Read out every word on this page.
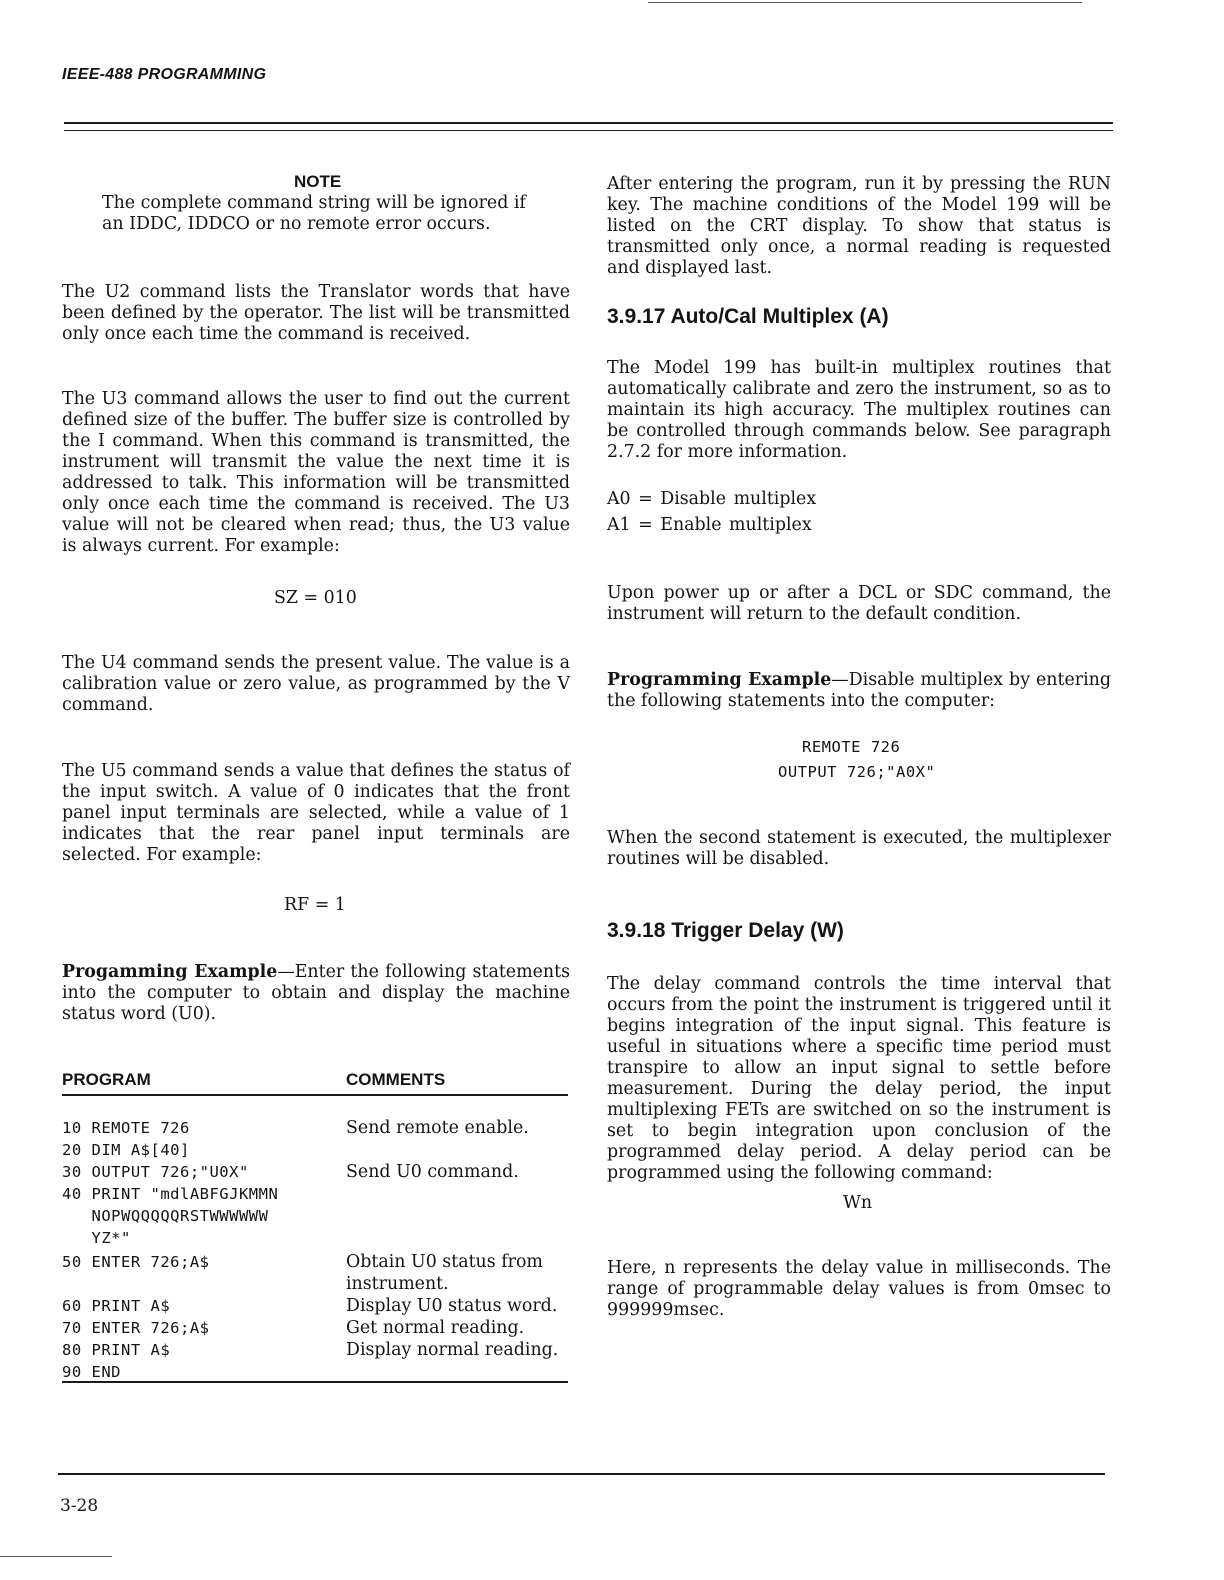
IEEE-488 PROGRAMMING
NOTE
The complete command string will be ignored if
an IDDC, IDDCO or no remote error occurs.

The U2 command lists the Translator words that have been defined by the operator. The list will be transmitted only once each time the command is received.

The U3 command allows the user to find out the current defined size of the buffer. The buffer size is controlled by the I command. When this command is transmitted, the instrument will transmit the value the next time it is addressed to talk. This information will be transmitted only once each time the command is received. The U3 value will not be cleared when read; thus, the U3 value is always current. For example:

SZ = 010

The U4 command sends the present value. The value is a calibration value or zero value, as programmed by the V command.

The U5 command sends a value that defines the status of the input switch. A value of 0 indicates that the front panel input terminals are selected, while a value of 1 indicates that the rear panel input terminals are selected. For example:

RF = 1

Progamming Example—Enter the following statements into the computer to obtain and display the machine status word (U0).

PROGRAM	COMMENTS
10 REMOTE 726	Send remote enable.
20 DIM A$[40]
30 OUTPUT 726;"U0X"	Send U0 command.
40 PRINT "mdlABFGJKMMN
NOPWQQQQQRSTWWWWWW
YZ*"
50 ENTER 726;A$	Obtain U0 status from
instrument.
60 PRINT A$	Display U0 status word.
70 ENTER 726;A$	Get normal reading.
80 PRINT A$	Display normal reading.
90 END

After entering the program, run it by pressing the RUN key. The machine conditions of the Model 199 will be listed on the CRT display. To show that status is transmitted only once, a normal reading is requested and displayed last.

3.9.17 Auto/Cal Multiplex (A)

The Model 199 has built-in multiplex routines that automatically calibrate and zero the instrument, so as to maintain its high accuracy. The multiplex routines can be controlled through commands below. See paragraph 2.7.2 for more information.

A0 = Disable multiplex
A1 = Enable multiplex

Upon power up or after a DCL or SDC command, the instrument will return to the default condition.

Programming Example—Disable multiplex by entering the following statements into the computer:

REMOTE 726
OUTPUT 726;"A0X"

When the second statement is executed, the multiplexer routines will be disabled.

3.9.18 Trigger Delay (W)

The delay command controls the time interval that occurs from the point the instrument is triggered until it begins integration of the input signal. This feature is useful in situations where a specific time period must transpire to allow an input signal to settle before measurement. During the delay period, the input multiplexing FETs are switched on so the instrument is set to begin integration upon conclusion of the programmed delay period. A delay period can be programmed using the following command:

Wn

Here, n represents the delay value in milliseconds. The range of programmable delay values is from 0msec to 999999msec.

3-28
